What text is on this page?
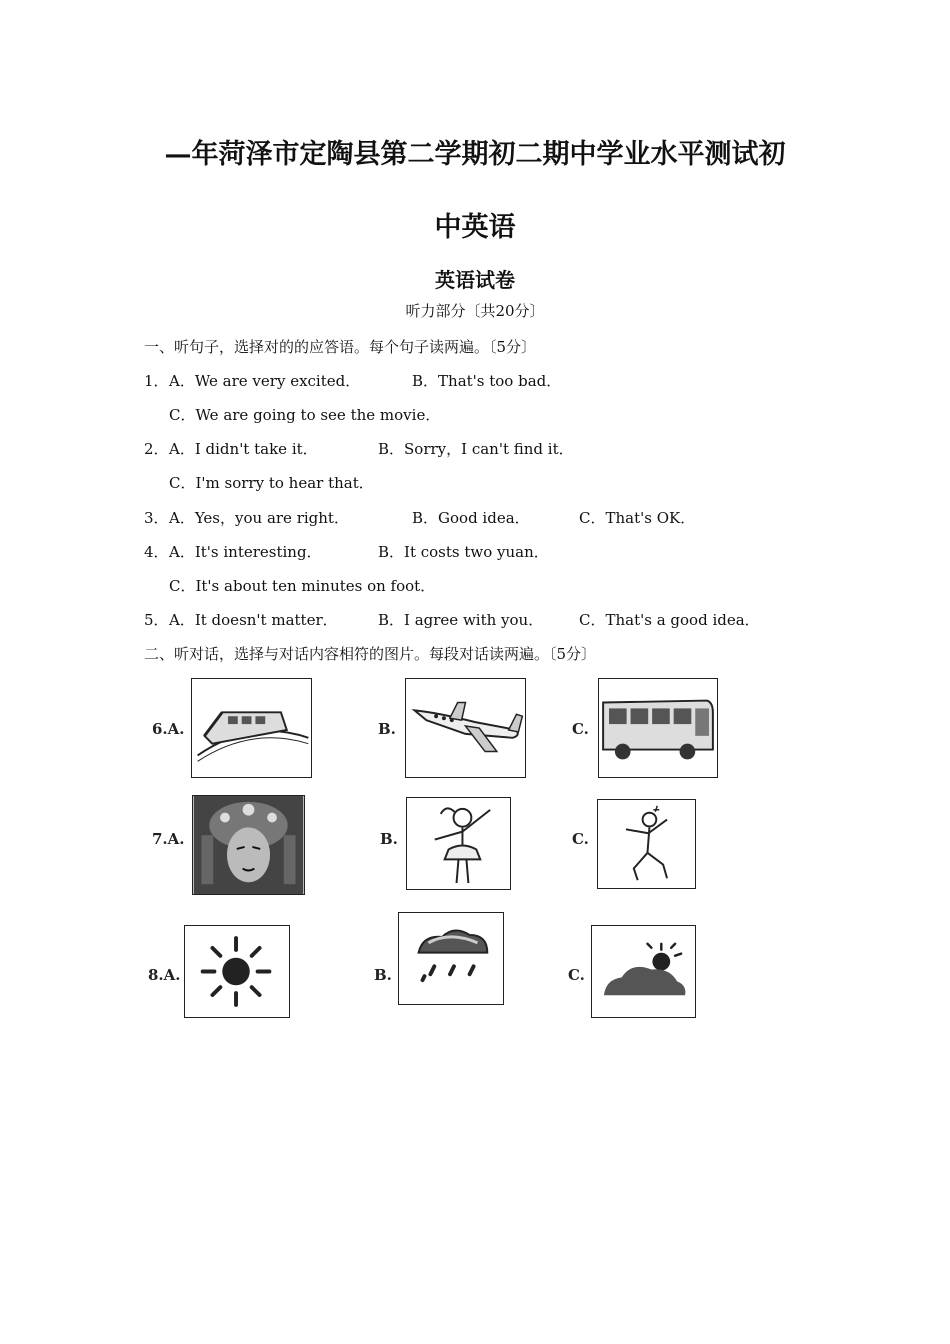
—年菏泽市定陶县第二学期初二期中学业水平测试初
中英语
英语试卷
听力部分〔共20分〕
一、听句子，选择对的的应答语。每个句子读两遍。〔5分〕
1． A．We are very excited．	B．That's too bad．
C．We are going to see the movie．
2． A．I didn't take it．	B．Sorry，I can't find it．
C．I'm sorry to hear that．
3． A．Yes，you are right．	B．Good idea．	C．That's OK．
4． A．It's interesting．	B．It costs two yuan．
C．It's about ten minutes on foot．
5． A．It doesn't matter．	B．I agree with you． C．That's a good idea．
二、听对话，选择与对话内容相符的图片。每段对话读两遍。〔5分〕
6.A.	B.	C.
7.A.	B.	C.
8.A.	B.	C.
